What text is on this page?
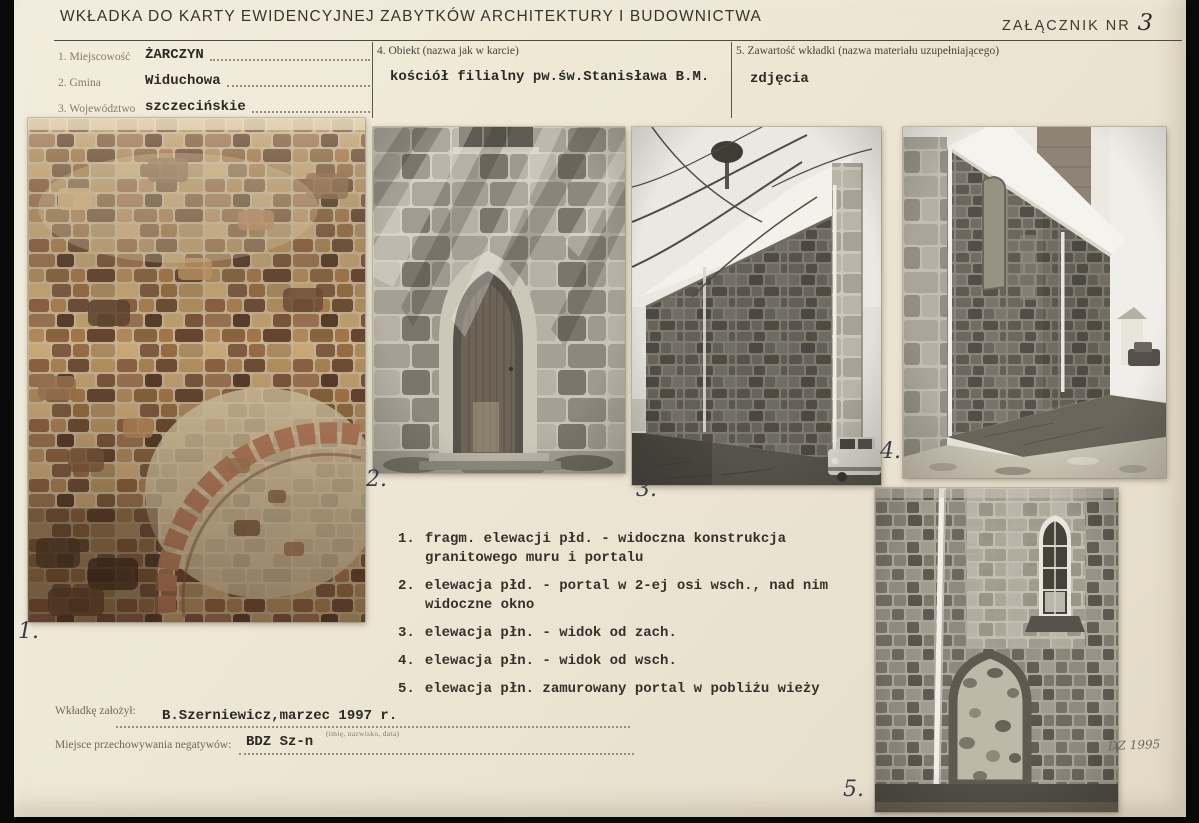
WKŁADKA DO KARTY EWIDENCYJNEJ ZABYTKÓW ARCHITEKTURY I BUDOWNICTWA
ZAŁĄCZNIK NR 3
1. Miejscowość	ŻARCZYN
2. Gmina	Widuchowa
3. Województwo szczecińskie
4. Obiekt (nazwa jak w karcie)
kościół filialny pw.św.Stanisława B.M.
5. Zawartość wkładki (nazwa materiału uzupełniającego)
zdjęcia
1.
2.	3.
4.
5.
DZ 1995
1. fragm. elewacji płd. - widoczna konstrukcja granitowego muru i portalu
2. elewacja płd. - portal w 2-ej osi wsch., nad nim widoczne okno
3. elewacja płn. - widok od zach.
4. elewacja płn. - widok od wsch.
5. elewacja płn. zamurowany portal w pobliżu wieży
Wkładkę założył: B.Szerniewicz,marzec 1997 r.
(imię, nazwisko, data)
Miejsce przechowywania negatywów: BDZ Sz-n
